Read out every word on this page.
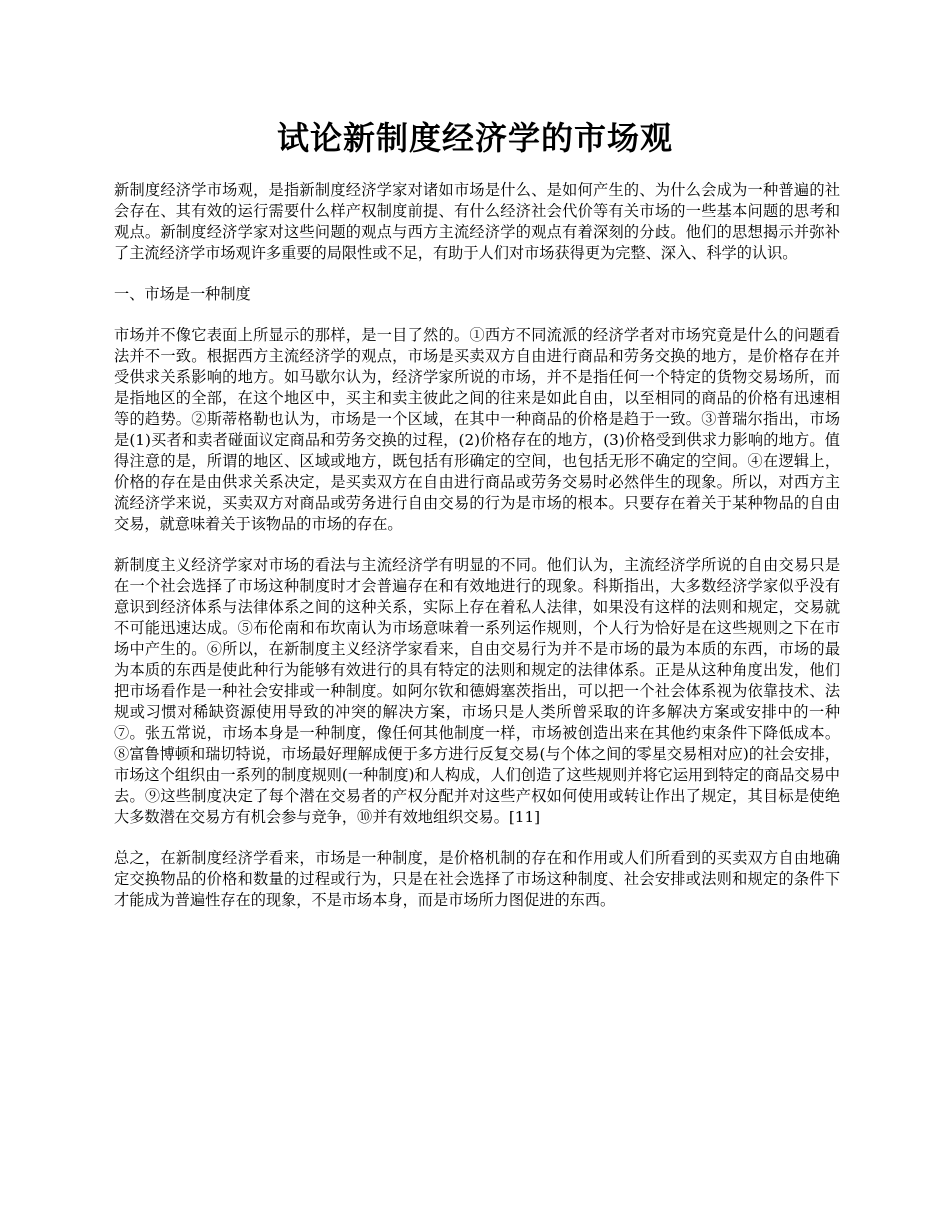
试论新制度经济学的市场观

新制度经济学市场观，是指新制度经济学家对诸如市场是什么、是如何产生的、为什么会成为一种普遍的社会存在、其有效的运行需要什么样产权制度前提、有什么经济社会代价等有关市场的一些基本问题的思考和观点。新制度经济学家对这些问题的观点与西方主流经济学的观点有着深刻的分歧。他们的思想揭示并弥补了主流经济学市场观许多重要的局限性或不足，有助于人们对市场获得更为完整、深入、科学的认识。

一、市场是一种制度

市场并不像它表面上所显示的那样，是一目了然的。①西方不同流派的经济学者对市场究竟是什么的问题看法并不一致。根据西方主流经济学的观点，市场是买卖双方自由进行商品和劳务交换的地方，是价格存在并受供求关系影响的地方。如马歇尔认为，经济学家所说的市场，并不是指任何一个特定的货物交易场所，而是指地区的全部，在这个地区中，买主和卖主彼此之间的往来是如此自由，以至相同的商品的价格有迅速相等的趋势。②斯蒂格勒也认为，市场是一个区域，在其中一种商品的价格是趋于一致。③普瑞尔指出，市场是(1)买者和卖者碰面议定商品和劳务交换的过程，(2)价格存在的地方，(3)价格受到供求力影响的地方。值得注意的是，所谓的地区、区域或地方，既包括有形确定的空间，也包括无形不确定的空间。④在逻辑上，价格的存在是由供求关系决定，是买卖双方在自由进行商品或劳务交易时必然伴生的现象。所以，对西方主流经济学来说，买卖双方对商品或劳务进行自由交易的行为是市场的根本。只要存在着关于某种物品的自由交易，就意味着关于该物品的市场的存在。

新制度主义经济学家对市场的看法与主流经济学有明显的不同。他们认为，主流经济学所说的自由交易只是在一个社会选择了市场这种制度时才会普遍存在和有效地进行的现象。科斯指出，大多数经济学家似乎没有意识到经济体系与法律体系之间的这种关系，实际上存在着私人法律，如果没有这样的法则和规定，交易就不可能迅速达成。⑤布伦南和布坎南认为市场意味着一系列运作规则，个人行为恰好是在这些规则之下在市场中产生的。⑥所以，在新制度主义经济学家看来，自由交易行为并不是市场的最为本质的东西，市场的最为本质的东西是使此种行为能够有效进行的具有特定的法则和规定的法律体系。正是从这种角度出发，他们把市场看作是一种社会安排或一种制度。如阿尔钦和德姆塞茨指出，可以把一个社会体系视为依靠技术、法规或习惯对稀缺资源使用导致的冲突的解决方案，市场只是人类所曾采取的许多解决方案或安排中的一种⑦。张五常说，市场本身是一种制度，像任何其他制度一样，市场被创造出来在其他约束条件下降低成本。⑧富鲁博顿和瑞切特说，市场最好理解成便于多方进行反复交易(与个体之间的零星交易相对应)的社会安排，市场这个组织由一系列的制度规则(一种制度)和人构成，人们创造了这些规则并将它运用到特定的商品交易中去。⑨这些制度决定了每个潜在交易者的产权分配并对这些产权如何使用或转让作出了规定，其目标是使绝大多数潜在交易方有机会参与竞争，⑩并有效地组织交易。[11]

总之，在新制度经济学看来，市场是一种制度，是价格机制的存在和作用或人们所看到的买卖双方自由地确定交换物品的价格和数量的过程或行为，只是在社会选择了市场这种制度、社会安排或法则和规定的条件下才能成为普遍性存在的现象，不是市场本身，而是市场所力图促进的东西。
